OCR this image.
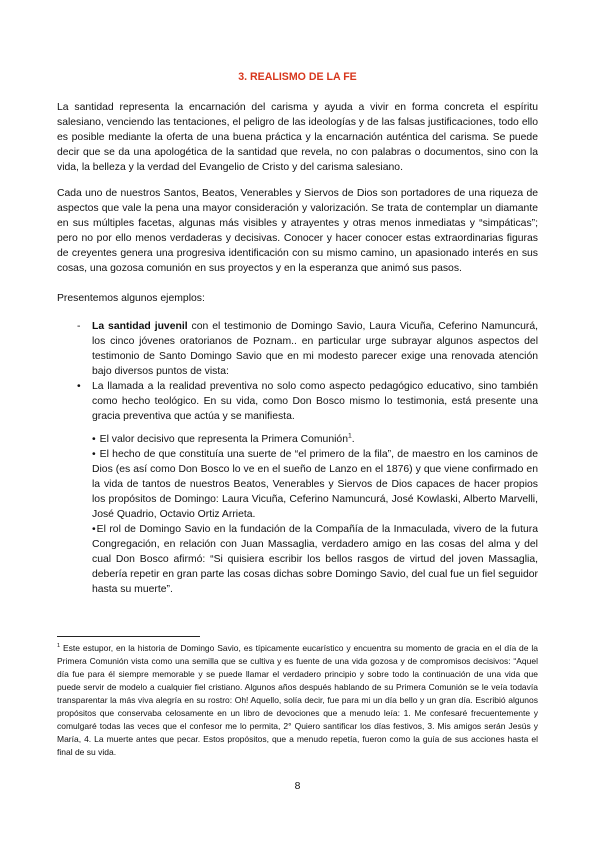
3. REALISMO DE LA FE

La santidad representa la encarnación del carisma y ayuda a vivir en forma concreta el espíritu salesiano, venciendo las tentaciones, el peligro de las ideologías y de las falsas justificaciones, todo ello es posible mediante la oferta de una buena práctica y la encarnación auténtica del carisma. Se puede decir que se da una apologética de la santidad que revela, no con palabras o documentos, sino con la vida, la belleza y la verdad del Evangelio de Cristo y del carisma salesiano.

Cada uno de nuestros Santos, Beatos, Venerables y Siervos de Dios son portadores de una riqueza de aspectos que vale la pena una mayor consideración y valorización. Se trata de contemplar un diamante en sus múltiples facetas, algunas más visibles y atrayentes y otras menos inmediatas y “simpáticas”; pero no por ello menos verdaderas y decisivas. Conocer y hacer conocer estas extraordinarias figuras de creyentes genera una progresiva identificación con su mismo camino, un apasionado interés en sus cosas, una gozosa comunión en sus proyectos y en la esperanza que animó sus pasos.

Presentemos algunos ejemplos:

- La santidad juvenil con el testimonio de Domingo Savio, Laura Vicuña, Ceferino Namuncurá, los cinco jóvenes oratorianos de Poznam.. en particular urge subrayar algunos aspectos del testimonio de Santo Domingo Savio que en mi modesto parecer exige una renovada atención bajo diversos puntos de vista:
• La llamada a la realidad preventiva no solo como aspecto pedagógico educativo, sino también como hecho teológico. En su vida, como Don Bosco mismo lo testimonia, está presente una gracia preventiva que actúa y se manifiesta.
• El valor decisivo que representa la Primera Comunión$^1$.
• El hecho de que constituía una suerte de “el primero de la fila”, de maestro en los caminos de Dios (es así como Don Bosco lo ve en el sueño de Lanzo en el 1876) y que viene confirmado en la vida de tantos de nuestros Beatos, Venerables y Siervos de Dios capaces de hacer propios los propósitos de Domingo: Laura Vicuña, Ceferino Namuncurá, José Kowlaski, Alberto Marvelli, José Quadrio, Octavio Ortiz Arrieta.
•El rol de Domingo Savio en la fundación de la Compañía de la Inmaculada, vivero de la futura Congregación, en relación con Juan Massaglia, verdadero amigo en las cosas del alma y del cual Don Bosco afirmó: “Si quisiera escribir los bellos rasgos de virtud del joven Massaglia, debería repetir en gran parte las cosas dichas sobre Domingo Savio, del cual fue un fiel seguidor hasta su muerte”.
$^1$ Este estupor, en la historia de Domingo Savio, es típicamente eucarístico y encuentra su momento de gracia en el día de la Primera Comunión vista como una semilla que se cultiva y es fuente de una vida gozosa y de compromisos decisivos: “Aquel día fue para él siempre memorable y se puede llamar el verdadero principio y sobre todo la continuación de una vida que puede servir de modelo a cualquier fiel cristiano. Algunos años después hablando de su Primera Comunión se le veía todavía transparentar la más viva alegría en su rostro: Oh! Aquello, solía decir, fue para mi un día bello y un gran día. Escribió algunos propósitos que conservaba celosamente en un libro de devociones que a menudo leía: 1. Me confesaré frecuentemente y comulgaré todas las veces que el confesor me lo permita, 2° Quiero santificar los días festivos, 3. Mis amigos serán Jesús y María, 4. La muerte antes que pecar. Estos propósitos, que a menudo repetía, fueron como la guía de sus acciones hasta el final de su vida.
8
